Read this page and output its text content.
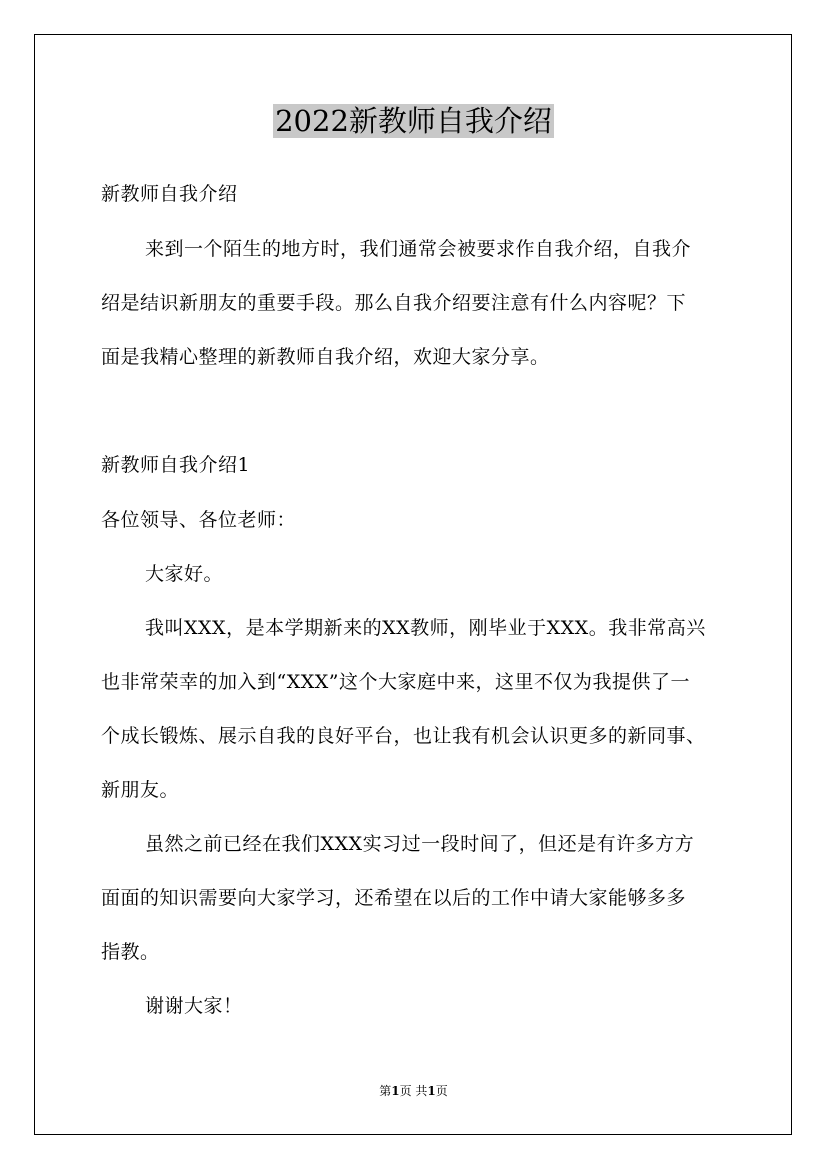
2022新教师自我介绍
新教师自我介绍
来到一个陌生的地方时，我们通常会被要求作自我介绍，自我介
绍是结识新朋友的重要手段。那么自我介绍要注意有什么内容呢？下
面是我精心整理的新教师自我介绍，欢迎大家分享。
新教师自我介绍1
各位领导、各位老师：
大家好。
我叫XXX，是本学期新来的XX教师，刚毕业于XXX。我非常高兴
也非常荣幸的加入到“XXX”这个大家庭中来，这里不仅为我提供了一
个成长锻炼、展示自我的良好平台，也让我有机会认识更多的新同事、
新朋友。
虽然之前已经在我们XXX实习过一段时间了，但还是有许多方方
面面的知识需要向大家学习，还希望在以后的工作中请大家能够多多
指教。
谢谢大家！
第1页 共1页
